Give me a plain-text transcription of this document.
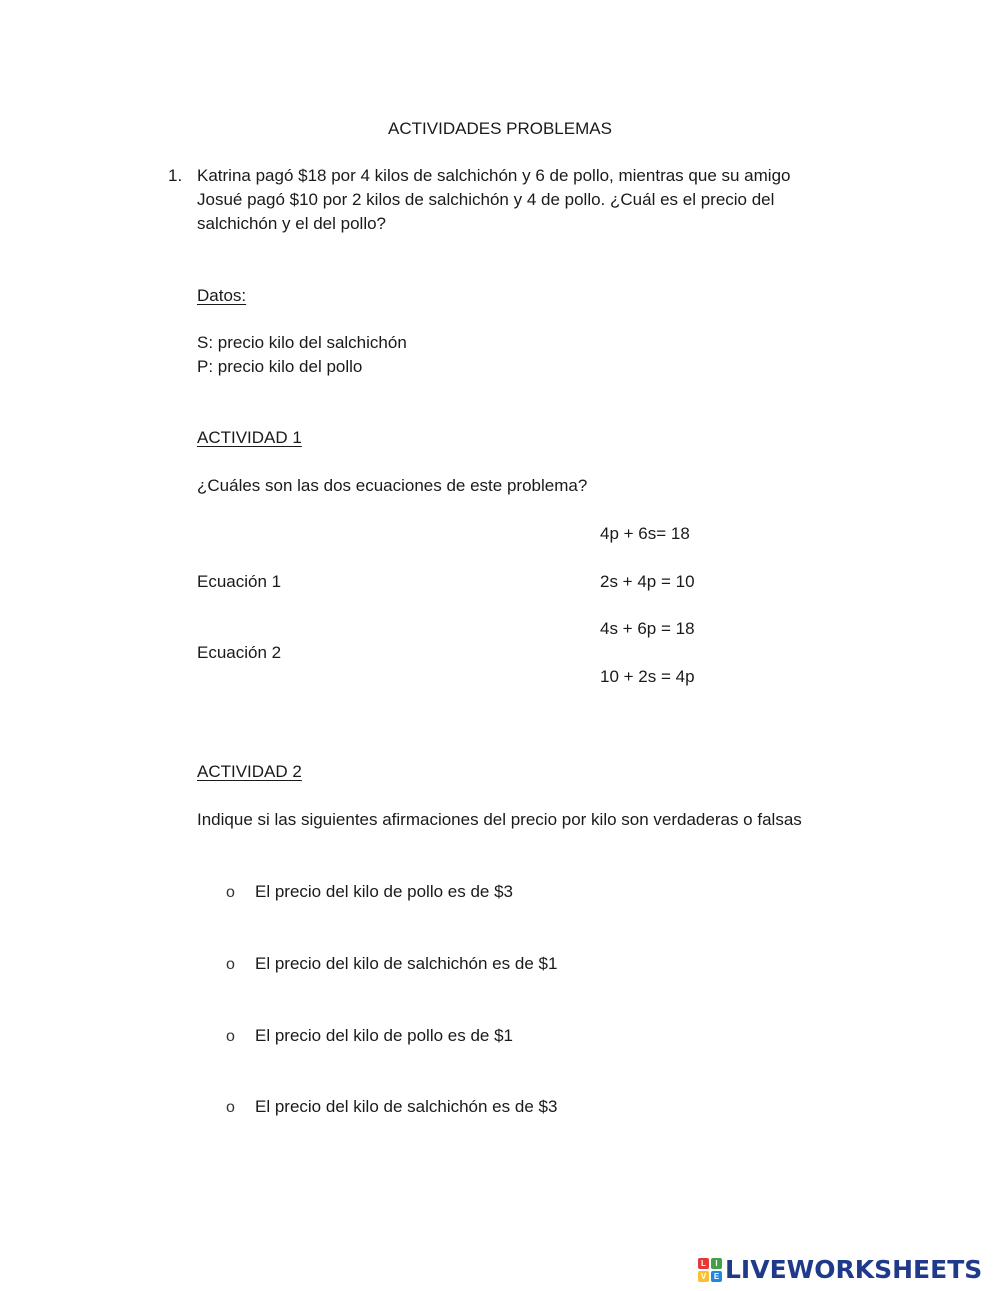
ACTIVIDADES PROBLEMAS
1. Katrina pagó $18 por 4 kilos de salchichón y 6 de pollo, mientras que su amigo
Josué pagó $10 por 2 kilos de salchichón y 4 de pollo. ¿Cuál es el precio del
salchichón y el del pollo?
Datos:
S: precio kilo del salchichón
P: precio kilo del pollo
ACTIVIDAD 1
¿Cuáles son las dos ecuaciones de este problema?
4p + 6s= 18
Ecuación 1	2s + 4p = 10
4s + 6p = 18
Ecuación 2
10 + 2s = 4p
ACTIVIDAD 2
Indique si las siguientes afirmaciones del precio por kilo son verdaderas o falsas
o El precio del kilo de pollo es de $3
o El precio del kilo de salchichón es de $1
o El precio del kilo de pollo es de $1
o El precio del kilo de salchichón es de $3
L	I
V E LIVEWORKSHEETS
